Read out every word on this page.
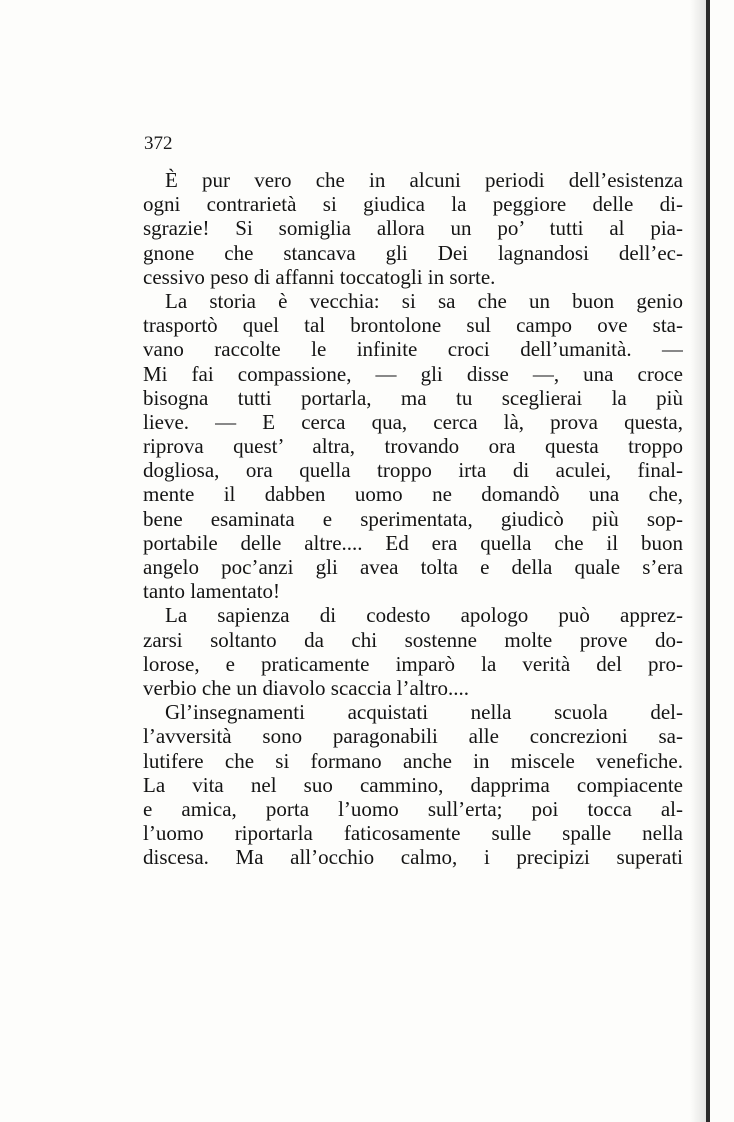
372

È pur vero che in alcuni periodi dell’esistenza
ogni contrarietà si giudica la peggiore delle di-
sgrazie! Si somiglia allora un po’ tutti al pia-
gnone che stancava gli Dei lagnandosi dell’ec-
cessivo peso di affanni toccatogli in sorte.
La storia è vecchia: si sa che un buon genio
trasportò quel tal brontolone sul campo ove sta-
vano raccolte le infinite croci dell’umanità. —
Mi fai compassione, — gli disse —, una croce
bisogna tutti portarla, ma tu sceglierai la più
lieve. — E cerca qua, cerca là, prova questa,
riprova quest’ altra, trovando ora questa troppo
dogliosa, ora quella troppo irta di aculei, final-
mente il dabben uomo ne domandò una che,
bene esaminata e sperimentata, giudicò più sop-
portabile delle altre.... Ed era quella che il buon
angelo poc’anzi gli avea tolta e della quale s’era
tanto lamentato!
La sapienza di codesto apologo può apprez-
zarsi soltanto da chi sostenne molte prove do-
lorose, e praticamente imparò la verità del pro-
verbio che un diavolo scaccia l’altro....
Gl’insegnamenti acquistati nella scuola del-
l’avversità sono paragonabili alle concrezioni sa-
lutifere che si formano anche in miscele venefiche.
La vita nel suo cammino, dapprima compiacente
e amica, porta l’uomo sull’erta; poi tocca al-
l’uomo riportarla faticosamente sulle spalle nella
discesa. Ma all’occhio calmo, i precipizi superati
